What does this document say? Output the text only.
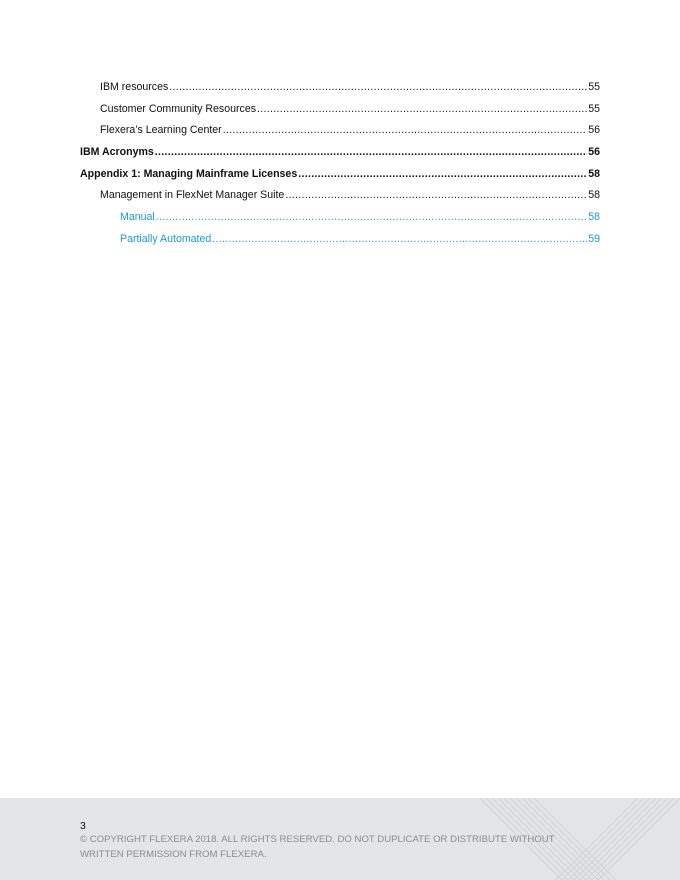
IBM resources .....	55
Customer Community Resources .....	55
Flexera’s Learning Center .....	56
IBM Acronyms .....	56
Appendix 1: Managing Mainframe Licenses .....	58
Management in FlexNet Manager Suite .....	58
Manual .....	58
Partially Automated .....	59
3
© COPYRIGHT FLEXERA 2018. ALL RIGHTS RESERVED. DO NOT DUPLICATE OR DISTRIBUTE WITHOUT WRITTEN PERMISSION FROM FLEXERA.
